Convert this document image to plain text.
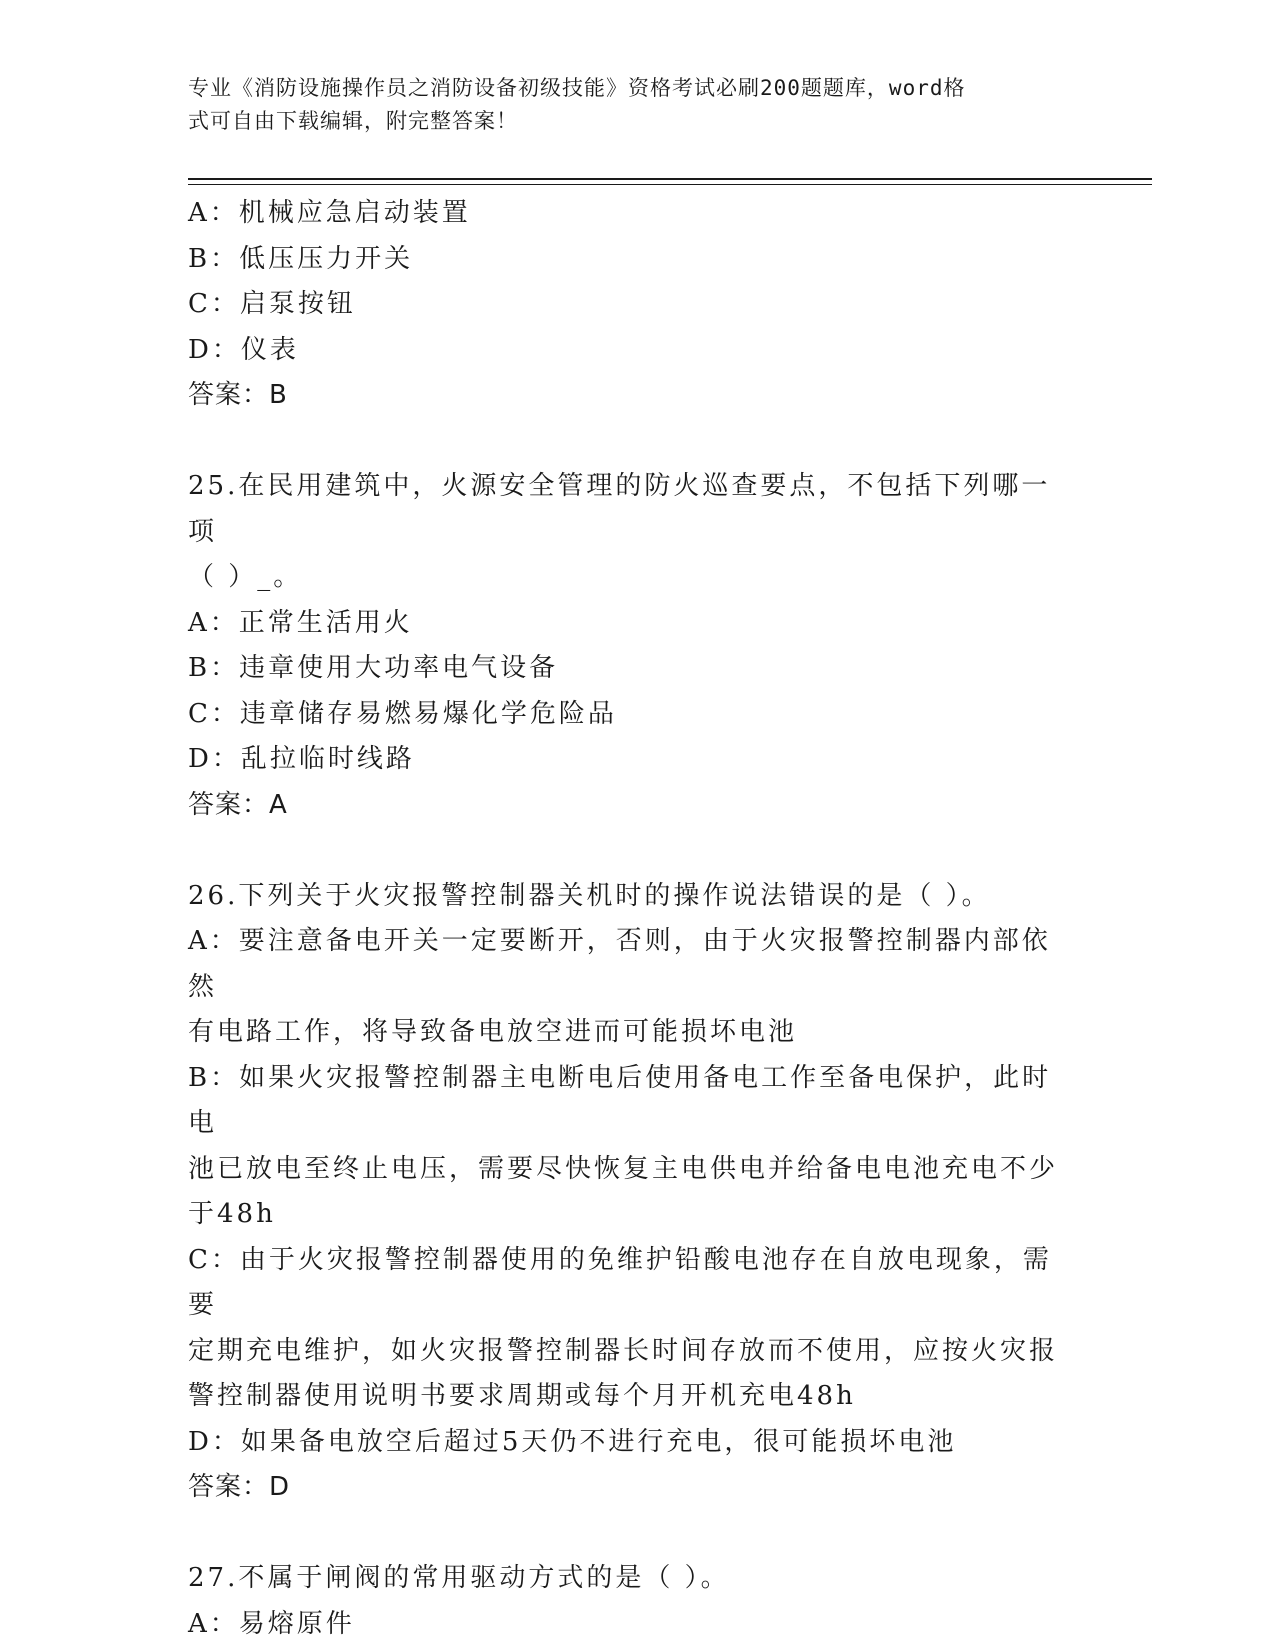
专业《消防设施操作员之消防设备初级技能》资格考试必刷200题题库，word格
式可自由下载编辑，附完整答案！
A：机械应急启动装置
B：低压压力开关
C：启泵按钮
D：仪表
答案：B
25.在民用建筑中，火源安全管理的防火巡查要点，不包括下列哪一项
（ ）_。
A：正常生活用火
B：违章使用大功率电气设备
C：违章储存易燃易爆化学危险品
D：乱拉临时线路
答案：A
26.下列关于火灾报警控制器关机时的操作说法错误的是（ ）。
A：要注意备电开关一定要断开，否则，由于火灾报警控制器内部依然
有电路工作，将导致备电放空进而可能损坏电池
B：如果火灾报警控制器主电断电后使用备电工作至备电保护，此时电
池已放电至终止电压，需要尽快恢复主电供电并给备电电池充电不少
于48h
C：由于火灾报警控制器使用的免维护铅酸电池存在自放电现象，需要
定期充电维护，如火灾报警控制器长时间存放而不使用，应按火灾报
警控制器使用说明书要求周期或每个月开机充电48h
D：如果备电放空后超过5天仍不进行充电，很可能损坏电池
答案：D
27.不属于闸阀的常用驱动方式的是（ ）。
A：易熔原件
